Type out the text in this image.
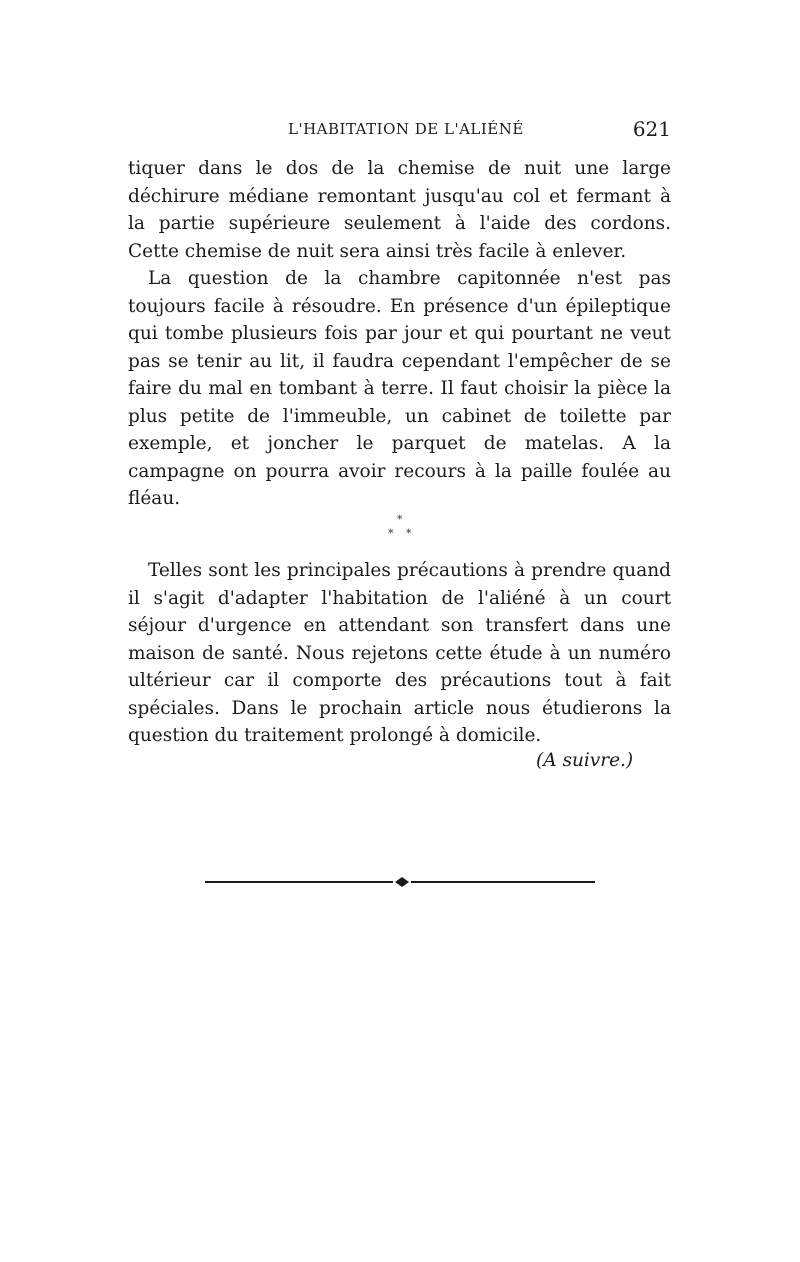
L'HABITATION DE L'ALIÉNÉ	621

tiquer dans le dos de la chemise de nuit une large déchirure médiane remontant jusqu'au col et fermant à la partie supérieure seulement à l'aide des cordons. Cette chemise de nuit sera ainsi très facile à enlever.

La question de la chambre capitonnée n'est pas toujours facile à résoudre. En présence d'un épileptique qui tombe plusieurs fois par jour et qui pourtant ne veut pas se tenir au lit, il faudra cependant l'empêcher de se faire du mal en tombant à terre. Il faut choisir la pièce la plus petite de l'immeuble, un cabinet de toilette par exemple, et joncher le parquet de matelas. A la campagne on pourra avoir recours à la paille foulée au fléau.

*
* *

Telles sont les principales précautions à prendre quand il s'agit d'adapter l'habitation de l'aliéné à un court séjour d'urgence en attendant son transfert dans une maison de santé. Nous rejetons cette étude à un numéro ultérieur car il comporte des précautions tout à fait spéciales. Dans le prochain article nous étudierons la question du traitement prolongé à domicile.

(A suivre.)
